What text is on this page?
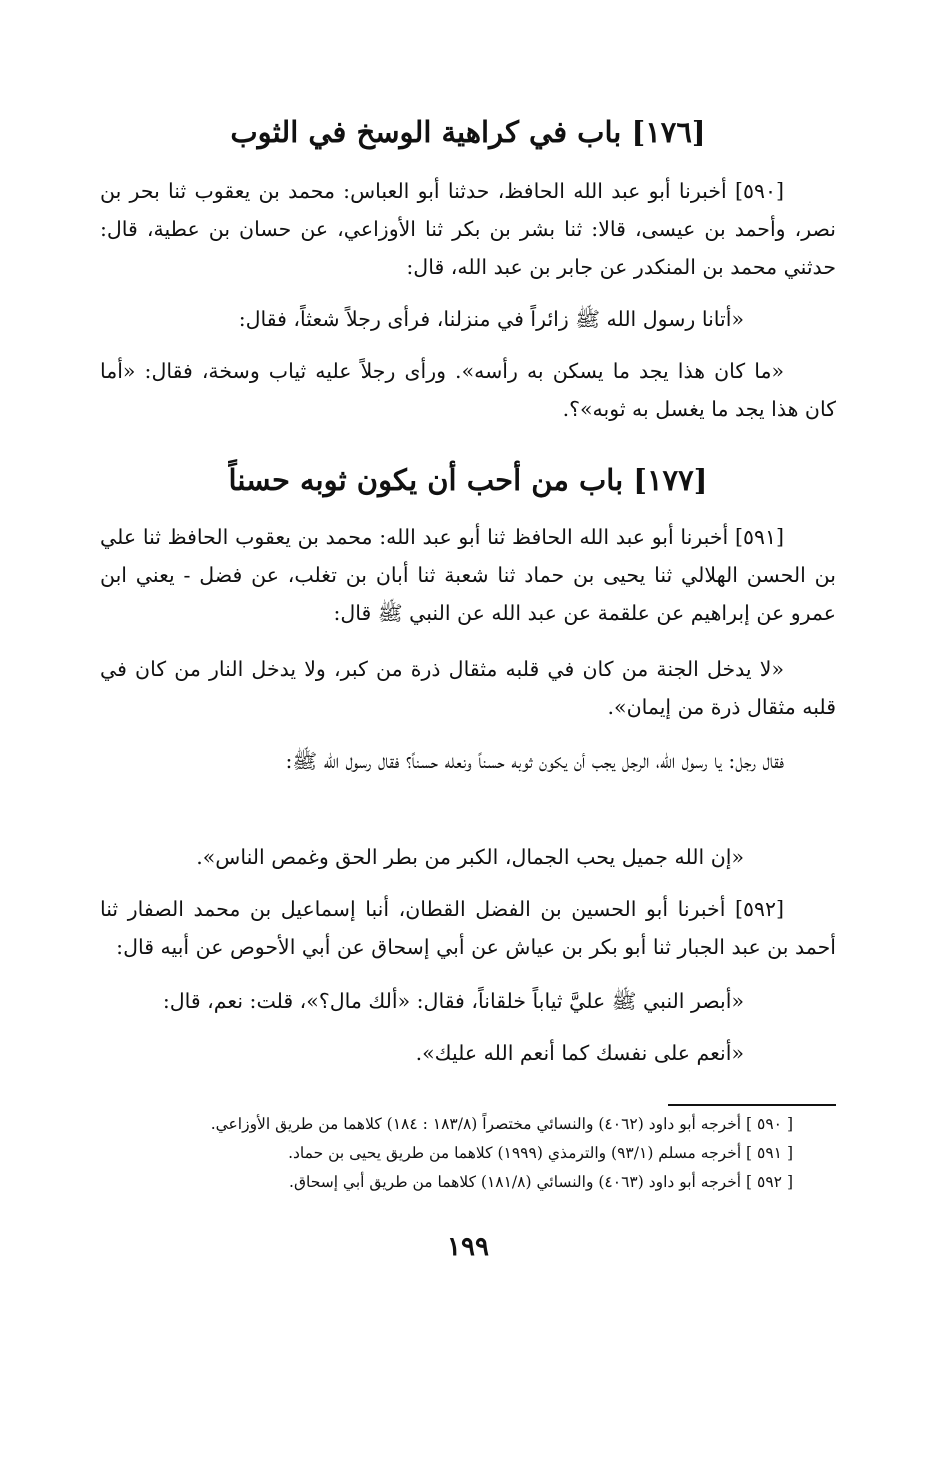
[١٧٦] باب في كراهية الوسخ في الثوب

[٥٩٠] أخبرنا أبو عبد الله الحافظ، حدثنا أبو العباس: محمد بن يعقوب ثنا بحر بن نصر، وأحمد بن عيسى، قالا: ثنا بشر بن بكر ثنا الأوزاعي، عن حسان بن عطية، قال: حدثني محمد بن المنكدر عن جابر بن عبد الله، قال:

«أتانا رسول الله ﷺ زائراً في منزلنا، فرأى رجلاً شعثاً، فقال:

«ما كان هذا يجد ما يسكن به رأسه». ورأى رجلاً عليه ثياب وسخة، فقال: «أما كان هذا يجد ما يغسل به ثوبه»؟.

[١٧٧] باب من أحب أن يكون ثوبه حسناً

[٥٩١] أخبرنا أبو عبد الله الحافظ ثنا أبو عبد الله: محمد بن يعقوب الحافظ ثنا علي بن الحسن الهلالي ثنا يحيى بن حماد ثنا شعبة ثنا أبان بن تغلب، عن فضل - يعني ابن عمرو عن إبراهيم عن علقمة عن عبد الله عن النبي ﷺ قال:

«لا يدخل الجنة من كان في قلبه مثقال ذرة من كبر، ولا يدخل النار من كان في قلبه مثقال ذرة من إيمان».

فقال رجل: يا رسول الله، الرجل يجب أن يكون ثوبه حسناً ونعله حسناً؟ فقال رسول الله ﷺ:

«إن الله جميل يحب الجمال، الكبر من بطر الحق وغمص الناس».

[٥٩٢] أخبرنا أبو الحسين بن الفضل القطان، أنبا إسماعيل بن محمد الصفار ثنا أحمد بن عبد الجبار ثنا أبو بكر بن عياش عن أبي إسحاق عن أبي الأحوص عن أبيه قال:

«أبصر النبي ﷺ عليَّ ثياباً خلقاناً، فقال: «ألك مال؟»، قلت: نعم، قال:

«أنعم على نفسك كما أنعم الله عليك».

[ ٥٩٠ ] أخرجه أبو داود (٤٠٦٢) والنسائي مختصراً (١٨٣/٨ : ١٨٤) كلاهما من طريق الأوزاعي.
[ ٥٩١ ] أخرجه مسلم (٩٣/١) والترمذي (١٩٩٩) كلاهما من طريق يحيى بن حماد.
[ ٥٩٢ ] أخرجه أبو داود (٤٠٦٣) والنسائي (١٨١/٨) كلاهما من طريق أبي إسحاق.
١٩٩
